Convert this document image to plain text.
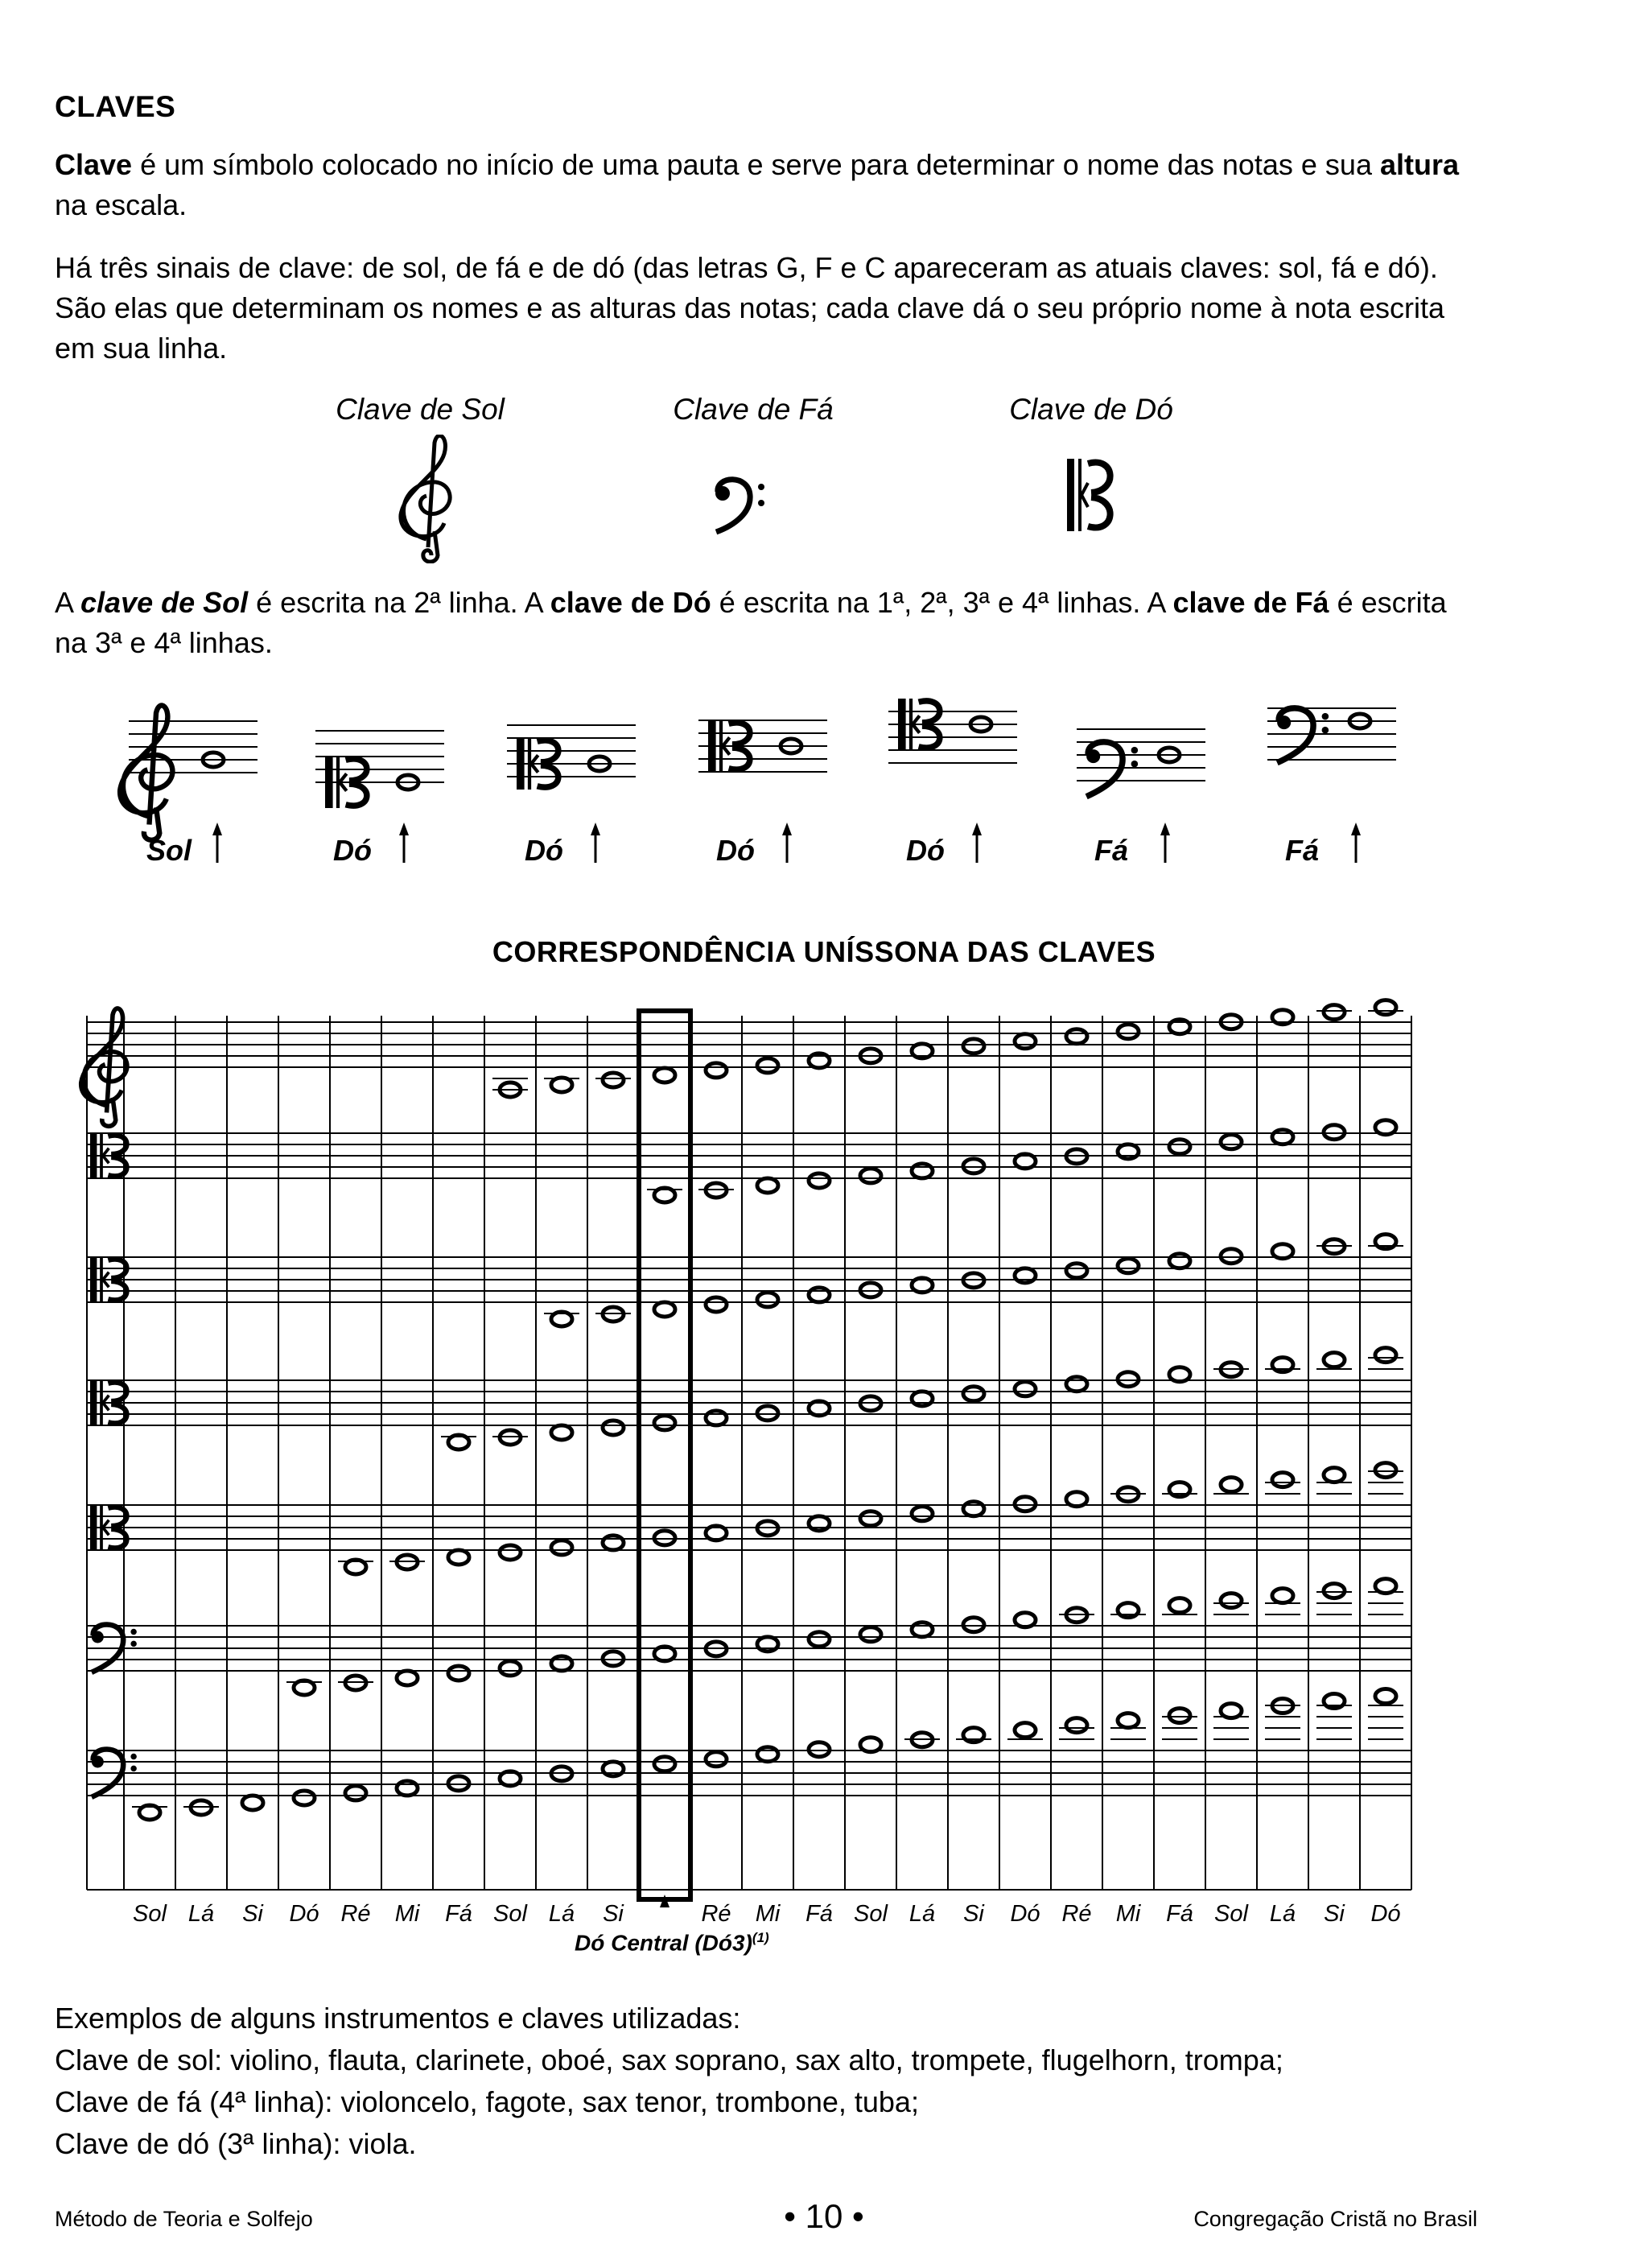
CLAVES

Clave é um símbolo colocado no início de uma pauta e serve para determinar o nome das notas e sua altura na escala.

Há três sinais de clave: de sol, de fá e de dó (das letras G, F e C apareceram as atuais claves: sol, fá e dó). São elas que determinam os nomes e as alturas das notas; cada clave dá o seu próprio nome à nota escrita em sua linha.

Clave de Sol	Clave de Fá	Clave de Dó

A clave de Sol é escrita na 2ª linha. A clave de Dó é escrita na 1ª, 2ª, 3ª e 4ª linhas. A clave de Fá é escrita na 3ª e 4ª linhas.

Sol	Dó	Dó	Dó	Dó	Fá	Fá
CORRESPONDÊNCIA UNÍSSONA DAS CLAVES
Sol Lá	Si	Dó Ré	Mi	Fá Sol Lá	Si	Ré	Mi	Fá Sol Lá	Si	Dó Ré	Mi	Fá Sol Lá	Si	Dó
Dó Central (Dó3)$^{(1)}$
Exemplos de alguns instrumentos e claves utilizadas:
Clave de sol: violino, flauta, clarinete, oboé, sax soprano, sax alto, trompete, flugelhorn, trompa;
Clave de fá (4ª linha): violoncelo, fagote, sax tenor, trombone, tuba;
Clave de dó (3ª linha): viola.
Método de Teoria e Solfejo	• 10 •	Congregação Cristã no Brasil
